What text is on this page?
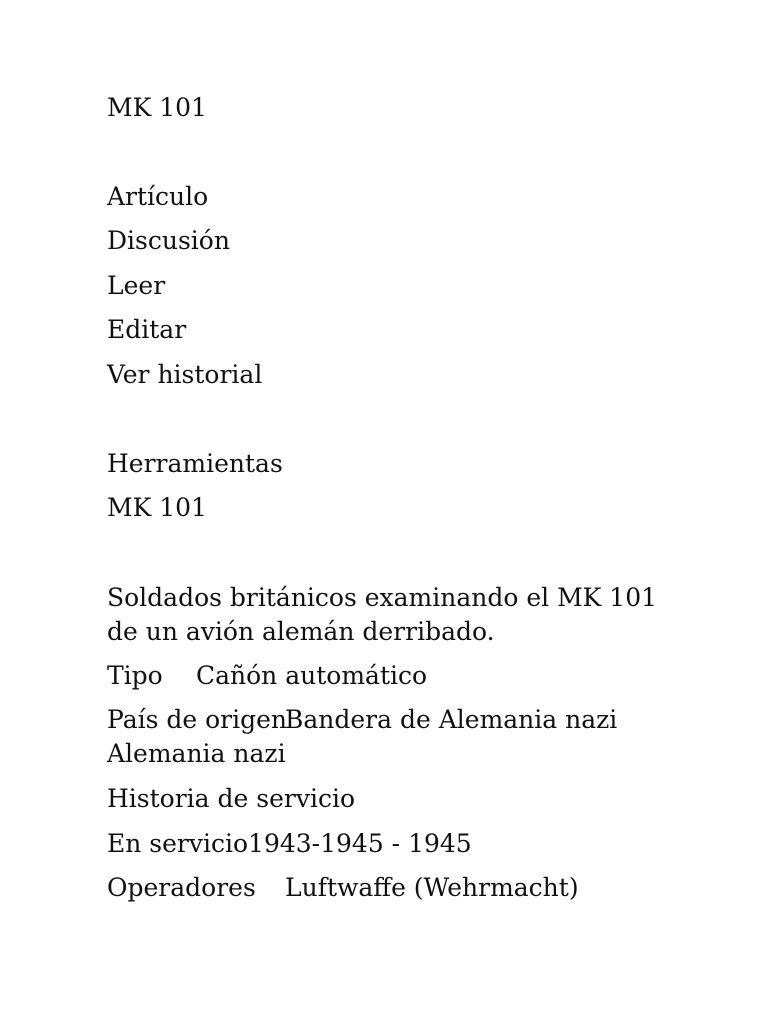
MK 101
Artículo
Discusión
Leer
Editar
Ver historial
Herramientas
MK 101
Soldados británicos examinando el MK 101 de un avión alemán derribado.
Tipo Cañón automático
País de origenBandera de Alemania nazi
Alemania nazi
Historia de servicio
En servicio1943-1945 - 1945
Operadores Luftwaffe (Wehrmacht)
